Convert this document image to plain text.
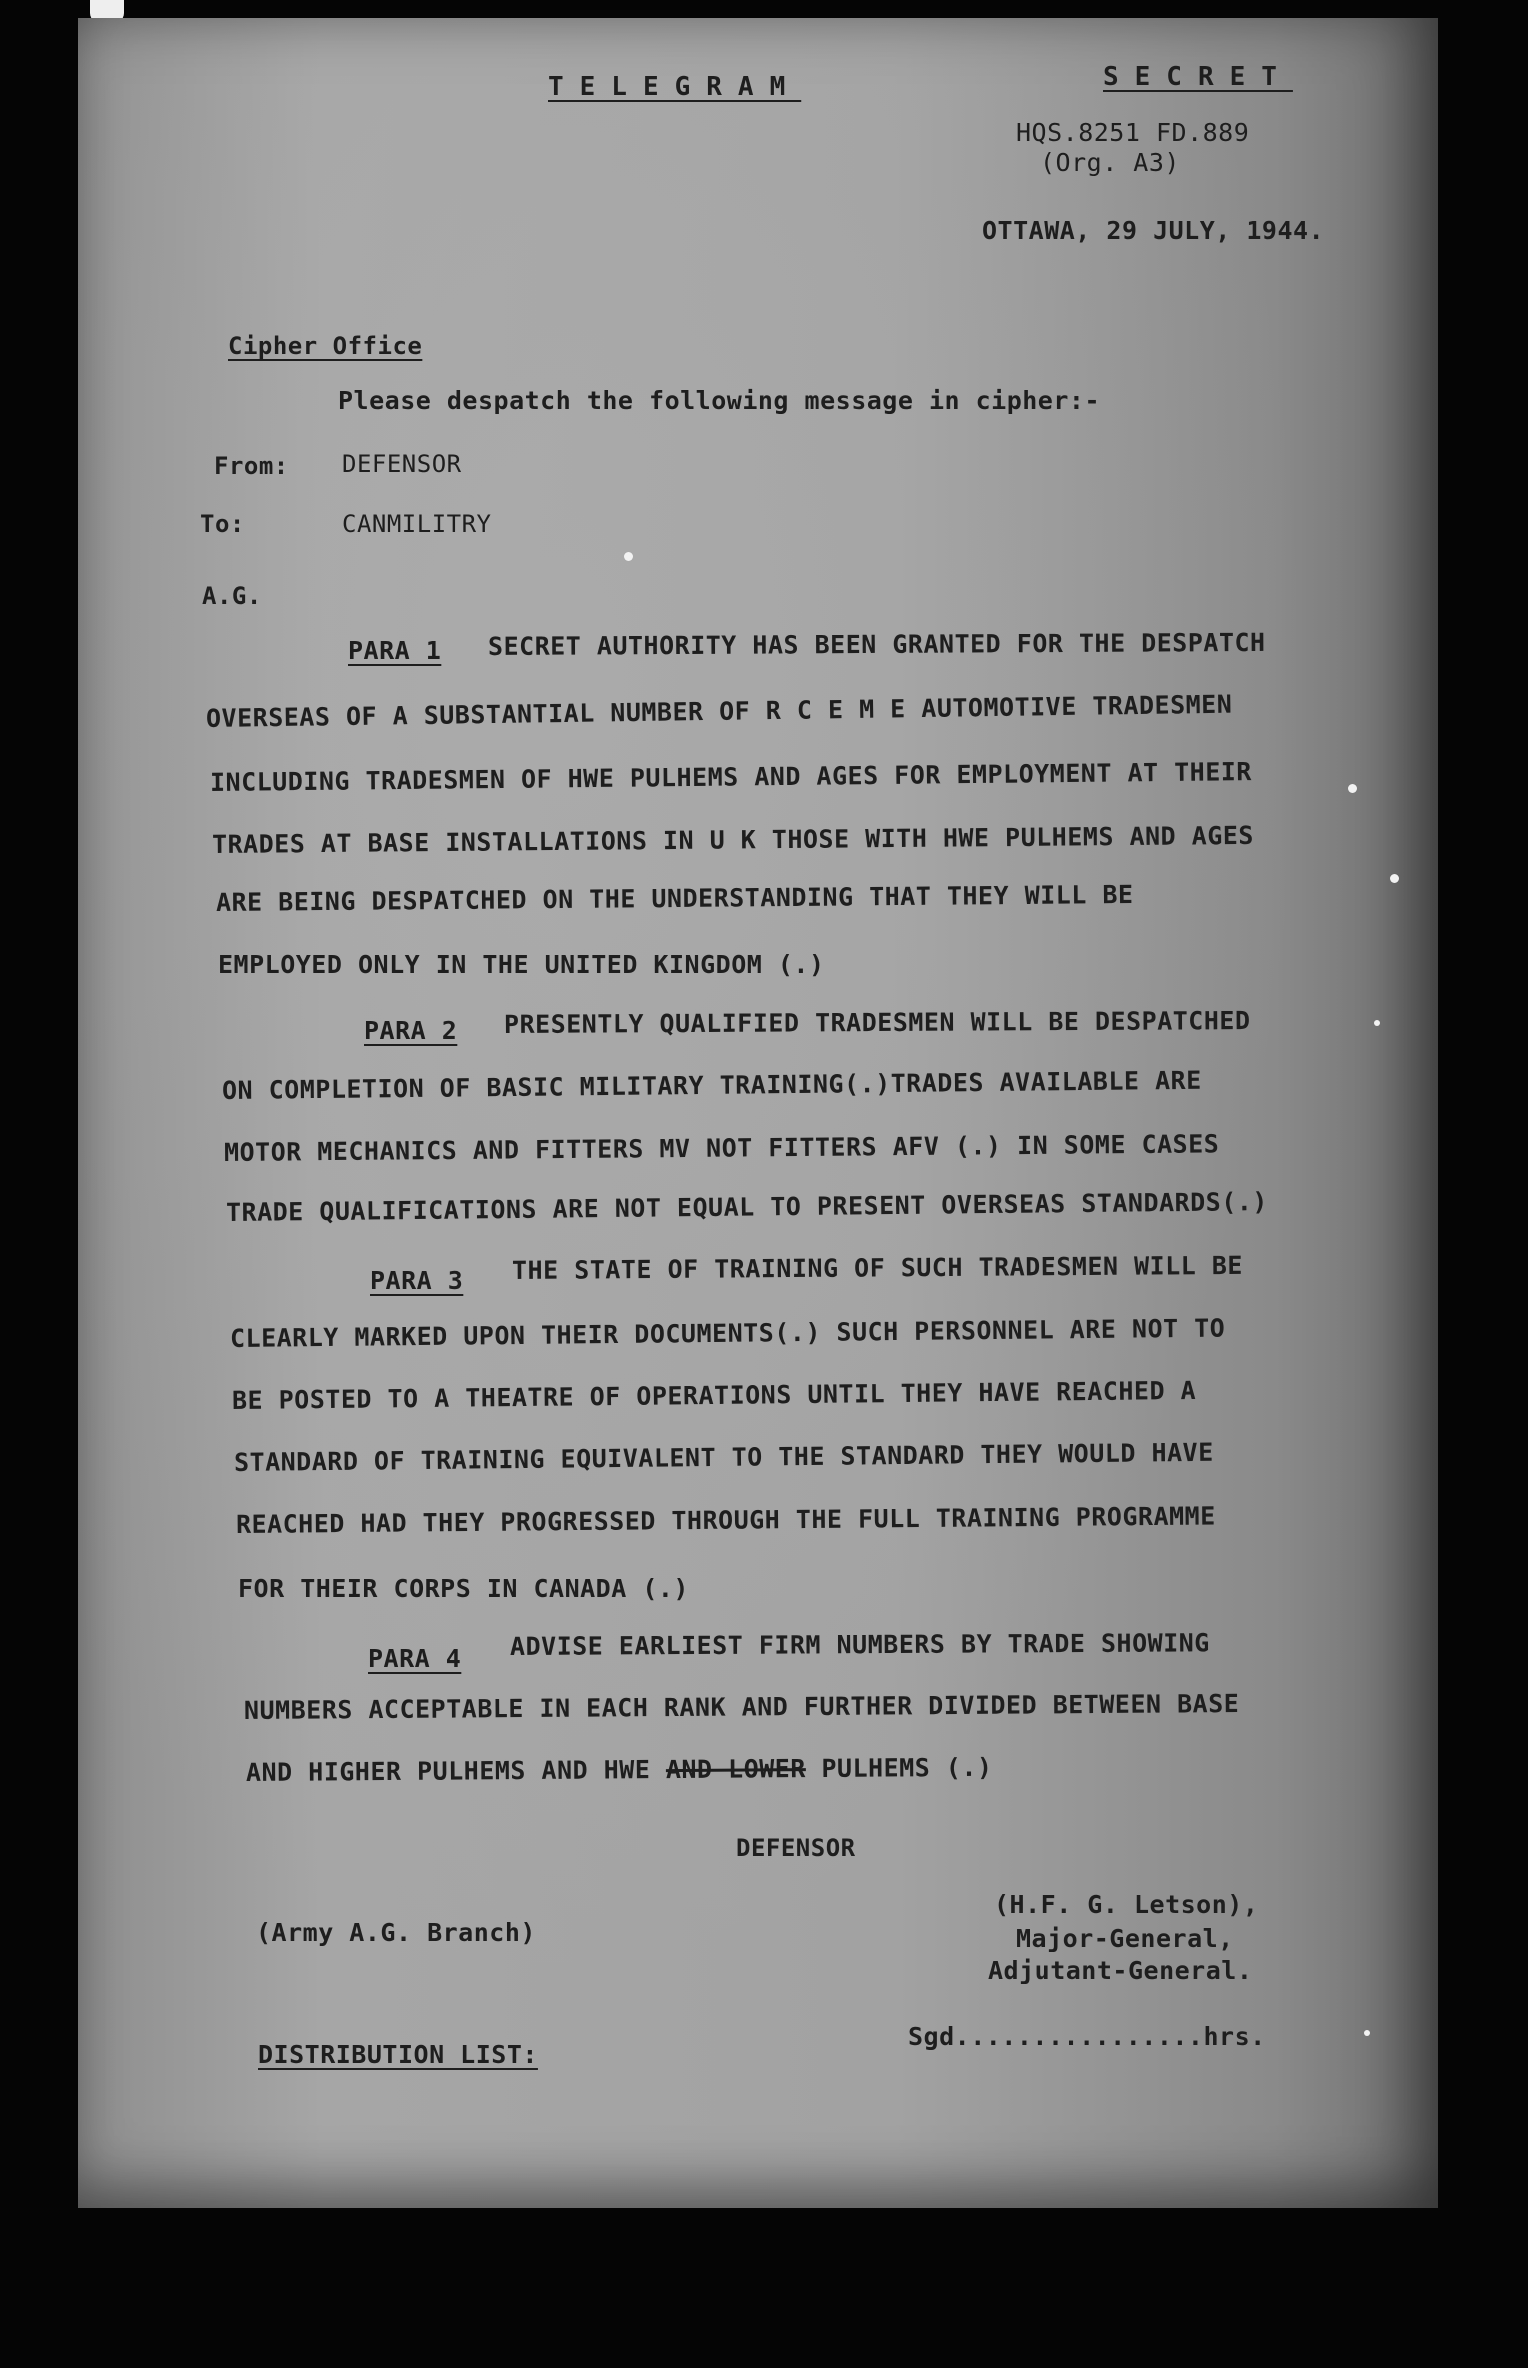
TELEGRAM	SECRET
HQS.8251 FD.889
(Org. A3)
OTTAWA, 29 JULY, 1944.
Cipher Office
Please despatch the following message in cipher:-
From: DEFENSOR
To:	CANMILITRY
A.G.
PARA 1 SECRET AUTHORITY HAS BEEN GRANTED FOR THE DESPATCH
OVERSEAS OF A SUBSTANTIAL NUMBER OF R C E M E AUTOMOTIVE TRADESMEN
INCLUDING TRADESMEN OF HWE PULHEMS AND AGES FOR EMPLOYMENT AT THEIR
TRADES AT BASE INSTALLATIONS IN U K THOSE WITH HWE PULHEMS AND AGES
ARE BEING DESPATCHED ON THE UNDERSTANDING THAT THEY WILL BE
EMPLOYED ONLY IN THE UNITED KINGDOM (.)
PARA 2 PRESENTLY QUALIFIED TRADESMEN WILL BE DESPATCHED
ON COMPLETION OF BASIC MILITARY TRAINING(.)TRADES AVAILABLE ARE
MOTOR MECHANICS AND FITTERS MV NOT FITTERS AFV (.) IN SOME CASES
TRADE QUALIFICATIONS ARE NOT EQUAL TO PRESENT OVERSEAS STANDARDS(.)
PARA 3 THE STATE OF TRAINING OF SUCH TRADESMEN WILL BE
CLEARLY MARKED UPON THEIR DOCUMENTS(.) SUCH PERSONNEL ARE NOT TO
BE POSTED TO A THEATRE OF OPERATIONS UNTIL THEY HAVE REACHED A
STANDARD OF TRAINING EQUIVALENT TO THE STANDARD THEY WOULD HAVE
REACHED HAD THEY PROGRESSED THROUGH THE FULL TRAINING PROGRAMME
FOR THEIR CORPS IN CANADA (.)
PARA 4 ADVISE EARLIEST FIRM NUMBERS BY TRADE SHOWING
NUMBERS ACCEPTABLE IN EACH RANK AND FURTHER DIVIDED BETWEEN BASE
AND HIGHER PULHEMS AND HWE AND LOWER PULHEMS (.)
DEFENSOR
(Army A.G. Branch)
(H.F. G. Letson),
Major-General,
Adjutant-General.
DISTRIBUTION LIST:
Sgd................hrs.
